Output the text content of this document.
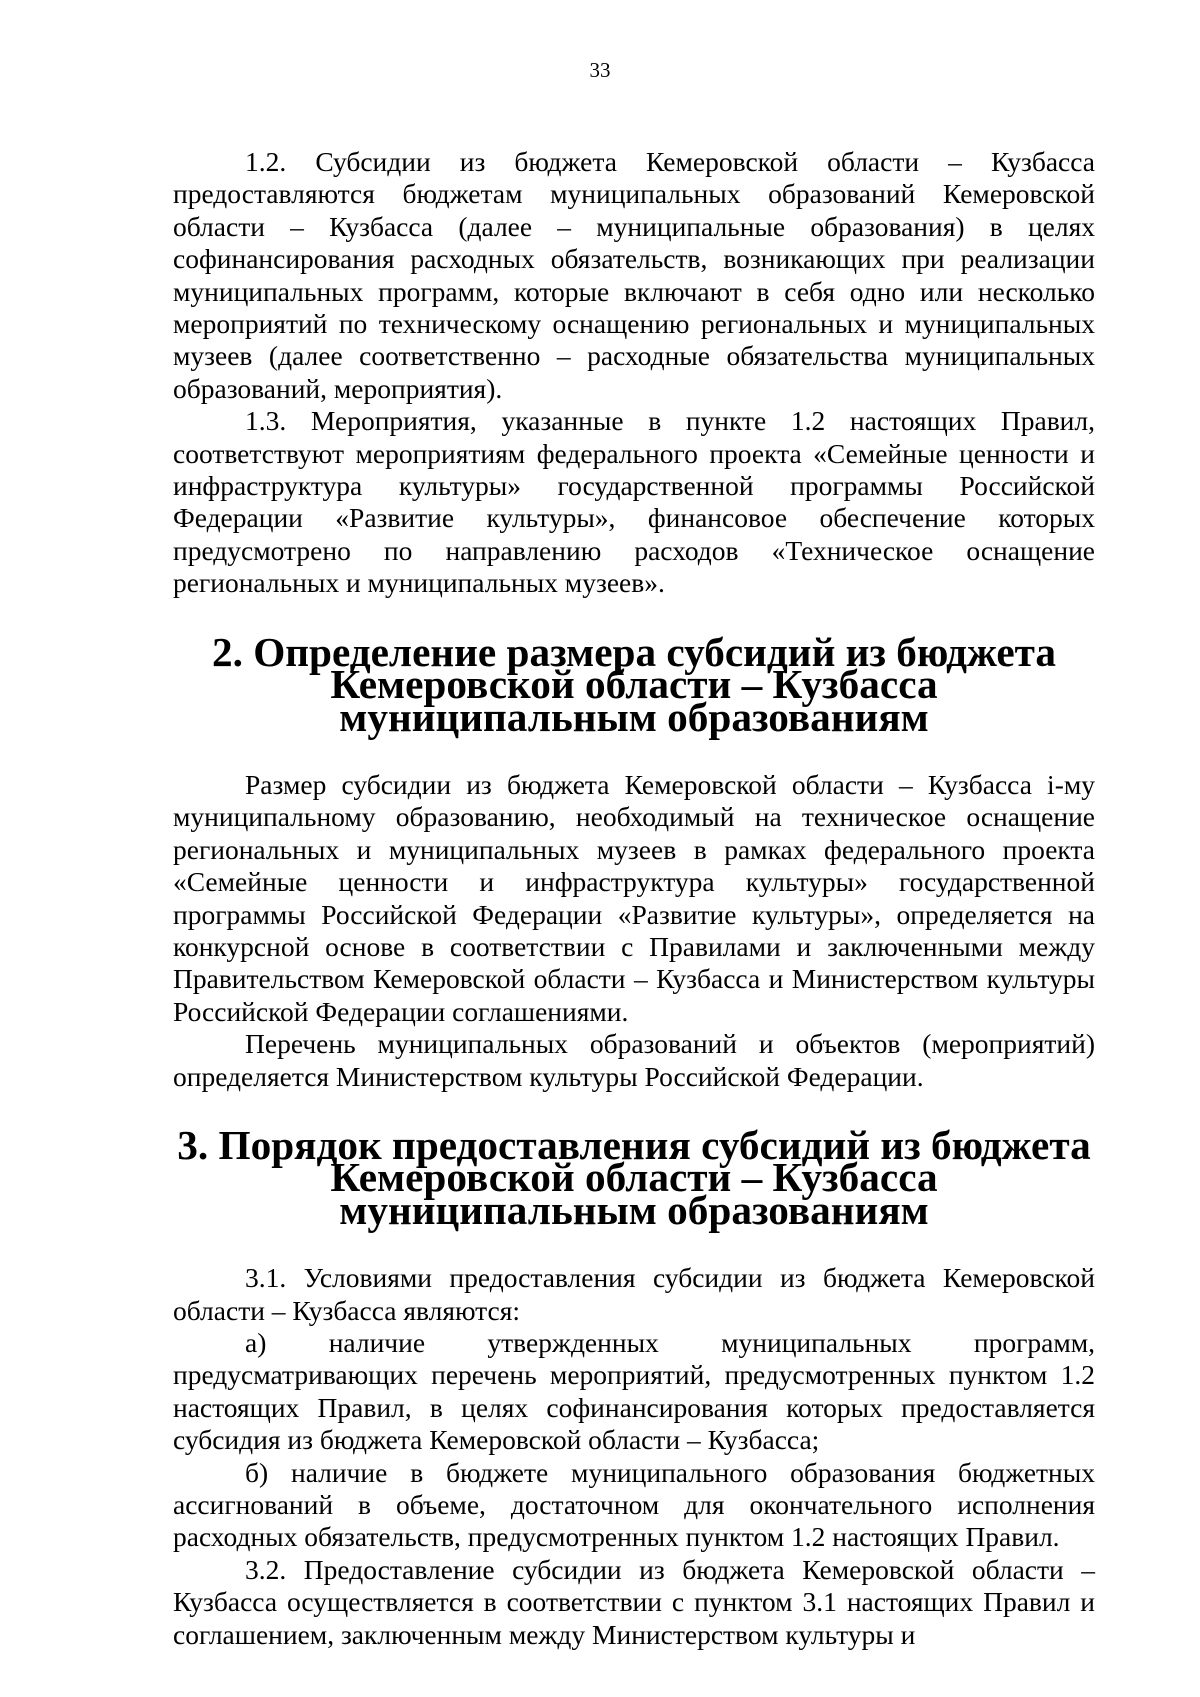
33

1.2. Субсидии из бюджета Кемеровской области – Кузбасса предоставляются бюджетам муниципальных образований Кемеровской области – Кузбасса (далее – муниципальные образования) в целях софинансирования расходных обязательств, возникающих при реализации муниципальных программ, которые включают в себя одно или несколько мероприятий по техническому оснащению региональных и муниципальных музеев (далее соответственно – расходные обязательства муниципальных образований, мероприятия).

1.3. Мероприятия, указанные в пункте 1.2 настоящих Правил, соответствуют мероприятиям федерального проекта «Семейные ценности и инфраструктура культуры» государственной программы Российской Федерации «Развитие культуры», финансовое обеспечение которых предусмотрено по направлению расходов «Техническое оснащение региональных и муниципальных музеев».

2. Определение размера субсидий из бюджета
Кемеровской области – Кузбасса муниципальным образованиям

Размер субсидии из бюджета Кемеровской области – Кузбасса i-му муниципальному образованию, необходимый на техническое оснащение региональных и муниципальных музеев в рамках федерального проекта «Семейные ценности и инфраструктура культуры» государственной программы Российской Федерации «Развитие культуры», определяется на конкурсной основе в соответствии с Правилами и заключенными между Правительством Кемеровской области – Кузбасса и Министерством культуры Российской Федерации соглашениями.

Перечень муниципальных образований и объектов (мероприятий) определяется Министерством культуры Российской Федерации.

3. Порядок предоставления субсидий из бюджета
Кемеровской области – Кузбасса муниципальным образованиям

3.1. Условиями предоставления субсидии из бюджета Кемеровской области – Кузбасса являются:

а) наличие утвержденных муниципальных программ, предусматривающих перечень мероприятий, предусмотренных пунктом 1.2 настоящих Правил, в целях софинансирования которых предоставляется субсидия из бюджета Кемеровской области – Кузбасса;

б) наличие в бюджете муниципального образования бюджетных ассигнований в объеме, достаточном для окончательного исполнения расходных обязательств, предусмотренных пунктом 1.2 настоящих Правил.

3.2. Предоставление субсидии из бюджета Кемеровской области – Кузбасса осуществляется в соответствии с пунктом 3.1 настоящих Правил и соглашением, заключенным между Министерством культуры и
